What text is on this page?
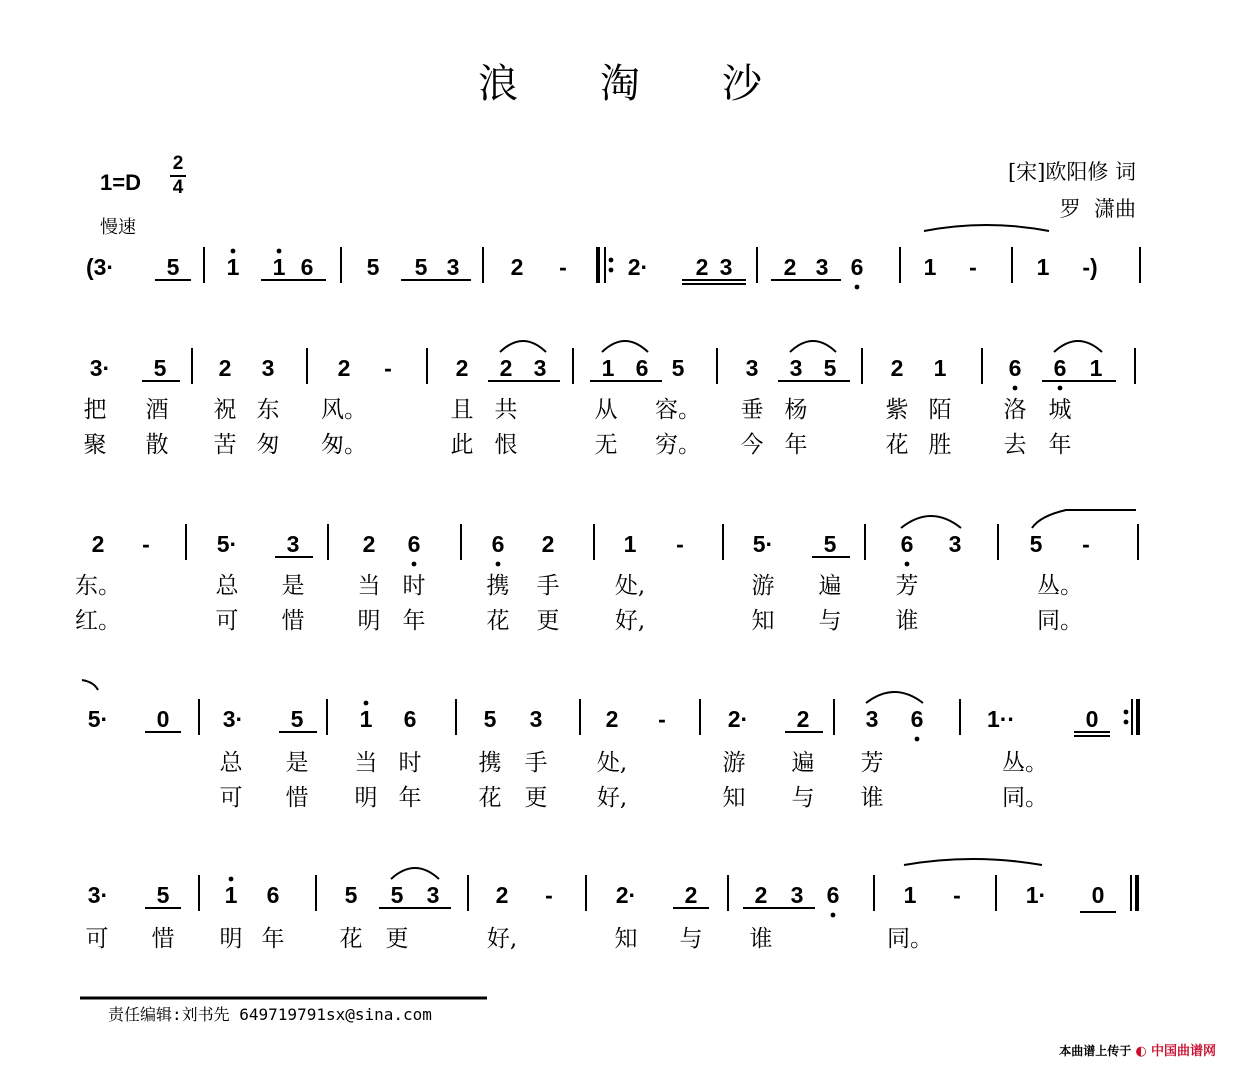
浪淘沙
1=D
2
4
慢速
[宋]欧阳修 词
罗  潇曲
(3· 5 1 1 6 5 5 3 2 -	2· 2 3 2 3 6	1 -	1 -)
3· 5 2 3	2 -	2 2 3 1 6 5	3 3 5 2 1	6 6 1
把 酒 祝 东 风。	且 共	从 容。 垂 杨	紫 陌 洛 城
聚 散 苦 匆 匆。	此 恨	无 穷。 今 年	花 胜 去 年
2 -	5· 3	2 6	6 2	1 -	5· 5	6 3	5 -
东。	总 是 当 时	携 手 处,	游 遍 芳	丛。
红。	可 惜 明 年	花 更 好,	知 与 谁	同。
5· 0 3· 5 1 6	5 3	2 -	2· 2 3 6	1··	0
总 是 当 时 携 手 处,	游 遍 芳	丛。
可 惜 明 年 花 更 好,	知 与 谁	同。
3· 5 1 6	5 5 3 2 -	2· 2 2 3 6	1 -	1· 0
可 惜 明 年 花 更	好,	知 与 谁	同。
责任编辑:刘书先 649719791sx@sina.com
本曲谱上传于 ◐ 中国曲谱网
